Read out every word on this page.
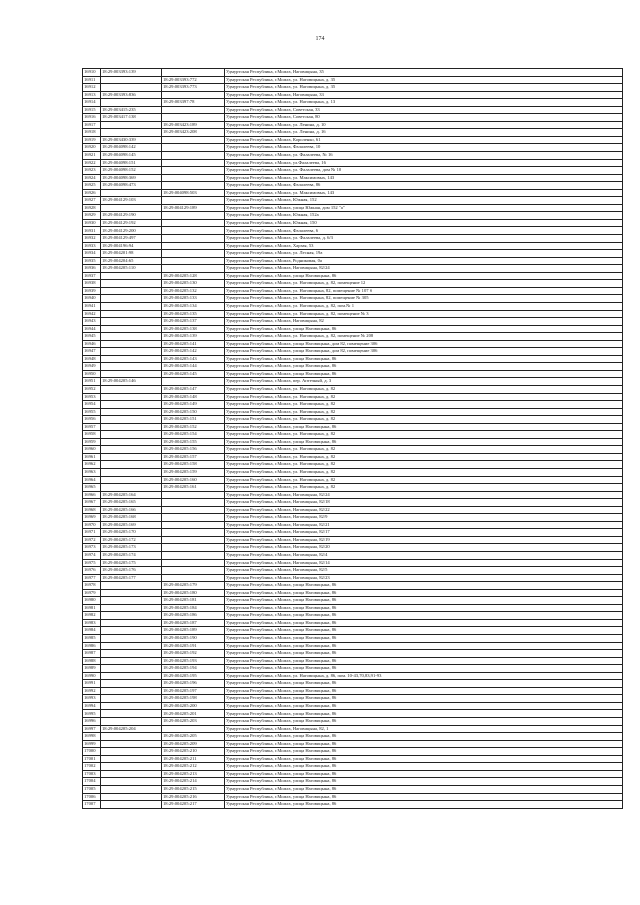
174
16910	18:29:003393:139		Удмуртская Республика, г.Можга, Наговицына, 35
16911		18:29:003393:772	Удмуртская Республика, г.Можга, ул. Наговицына, д. 35
16912		18:29:003393:773	Удмуртская Республика, г.Можга, ул. Наговицына, д. 35
16913	18:29:003393:836		Удмуртская Республика, г.Можга, Наговицына, 33
16914		18:29:003397:78	Удмуртская Республика, г.Можга, ул. Наговицына, д. 13
16915	18:29:003415:235		Удмуртская Республика, г.Можга, Советская, 33
16916	18:29:003417:138		Удмуртская Республика, г.Можга, Советская, 80
16917		18:29:003423:189	Удмуртская Республика, г.Можга, ул. Ленина, д. 10
16918		18:29:003423:208	Удмуртская Республика, г.Можга, ул. Ленина, д. 16
16919	18:29:003430:339		Удмуртская Республика, г.Можга, Короленко, 61
16920	18:29:004098:142		Удмуртская Республика, г.Можга, Фалалеева, 10
16921	18:29:004098:145		Удмуртская Республика, г.Можга, ул. Фалалеева, № 16
16922	18:29:004098:151		Удмуртская Республика, г.Можга, ул.Фалалеева, 16
16923	18:29:004098:152		Удмуртская Республика, г.Можга, ул. Фалалеева, дом № 10
16924	18:29:004098:369		Удмуртская Республика, г.Можга, ул. Максимовых, 143
16925	18:29:004098:473		Удмуртская Республика, г.Можга, Фалалеева, 86
16926		18:29:004098:503	Удмуртская Республика, г.Можга, ул. Максимовых, 143
16927	18:29:004129:103		Удмуртская Республика, г.Можга, Южная, 152
16928		18:29:004129:189	Удмуртская Республика, г.Можга, улица Южная, дом 152 "а"
16929	18:29:004129:190		Удмуртская Республика, г.Можга, Южная, 152а
16930	18:29:004129:192		Удмуртская Республика, г.Можга, Южная, 150
16931	18:29:004129:200		Удмуртская Республика, г.Можга, Фалалеева, 6
16932	18:29:004129:497		Удмуртская Республика, г.Можга, ул. Фалалеева, д. 6/3
16933	18:29:004196:94		Удмуртская Республика, г.Можга, Харзая, 53
16934	18:29:004201:98		Удмуртская Республика, г.Можга, ул. Лесная, 19а
16935	18:29:004204:65		Удмуртская Республика, г.Можга, Родниковая, 0а
16936	18:29:004205:110		Удмуртская Республика, г.Можга, Наговицына, 82/24
16937		18:29:004205:128	Удмуртская Республика, г.Можга, улица Наговицына, 86
16938		18:29:004205:130	Удмуртская Республика, г.Можга, ул. Наговицына, д. 82, помещение 12
16939		18:29:004205:132	Удмуртская Республика, г.Можга, ул. Наговицына, 82, помещение № 107 б
16940		18:29:004205:133	Удмуртская Республика, г.Можга, ул. Наговицына, 82, помещение № 305
16941		18:29:004205:134	Удмуртская Республика, г.Можга, ул. Наговицына, д. 82, пом.№ 1
16942		18:29:004205:135	Удмуртская Республика, г.Можга, ул. Наговицына, д. 82, помещение № 3
16943		18:29:004205:137	Удмуртская Республика, г.Можга, Наговицына, 82
16944		18:29:004205:138	Удмуртская Республика, г.Можга, улица Наговицына, 86
16945		18:29:004205:139	Удмуртская Республика, г.Можга, ул. Наговицына, д. 82, помещение № 208
16946		18:29:004205:141	Удмуртская Республика, г.Можга, улица Наговицына, дом 82, помещение 306
16947		18:29:004205:142	Удмуртская Республика, г.Можга, улица Наговицына, дом 82, помещение 306
16948		18:29:004205:143	Удмуртская Республика, г.Можга, улица Наговицына, 86
16949		18:29:004205:144	Удмуртская Республика, г.Можга, улица Наговицына, 86
16950		18:29:004205:145	Удмуртская Республика, г.Можга, улица Наговицына, 86
16951	18:29:004205:146		Удмуртская Республика, г.Можга, пер. Аптечный, д. 3
16952		18:29:004205:147	Удмуртская Республика, г.Можга, ул. Наговицына, д. 82
16953		18:29:004205:148	Удмуртская Республика, г.Можга, ул. Наговицына, д. 82
16954		18:29:004205:149	Удмуртская Республика, г.Можга, ул. Наговицына, д. 82
16955		18:29:004205:150	Удмуртская Республика, г.Можга, ул. Наговицына, д. 82
16956		18:29:004205:151	Удмуртская Республика, г.Можга, ул. Наговицына, д. 82
16957		18:29:004205:152	Удмуртская Республика, г.Можга, улица Наговицына, 86
16958		18:29:004205:154	Удмуртская Республика, г.Можга, ул. Наговицына, д. 82
16959		18:29:004205:155	Удмуртская Республика, г.Можга, улица Наговицына, 86
16960		18:29:004205:156	Удмуртская Республика, г.Можга, ул. Наговицына, д. 82
16961		18:29:004205:157	Удмуртская Республика, г.Можга, ул. Наговицына, д. 82
16962		18:29:004205:158	Удмуртская Республика, г.Можга, ул. Наговицына, д. 82
16963		18:29:004205:159	Удмуртская Республика, г.Можга, ул. Наговицына, д. 82
16964		18:29:004205:160	Удмуртская Республика, г.Можга, ул. Наговицына, д. 82
16965		18:29:004205:161	Удмуртская Республика, г.Можга, ул. Наговицына, д. 82
16966	18:29:004205:164		Удмуртская Республика, г.Можга, Наговицына, 82/24
16967	18:29:004205:165		Удмуртская Республика, г.Можга, Наговицына, 82/18
16968	18:29:004205:166		Удмуртская Республика, г.Можга, Наговицына, 82/22
16969	18:29:004205:168		Удмуртская Республика, г.Можга, Наговицына, 82/9
16970	18:29:004205:169		Удмуртская Республика, г.Можга, Наговицына, 82/21
16971	18:29:004205:170		Удмуртская Республика, г.Можга, Наговицына, 82/17
16972	18:29:004205:172		Удмуртская Республика, г.Можга, Наговицына, 82/19
16973	18:29:004205:173		Удмуртская Республика, г.Можга, Наговицына, 82/20
16974	18:29:004205:174		Удмуртская Республика, г.Можга, Наговицына, 82/4
16975	18:29:004205:175		Удмуртская Республика, г.Можга, Наговицына, 82/14
16976	18:29:004205:176		Удмуртская Республика, г.Можга, Наговицына, 82/5
16977	18:29:004205:177		Удмуртская Республика, г.Можга, Наговицына, 82/23
16978		18:29:004205:179	Удмуртская Республика, г.Можга, улица Наговицына, 86
16979		18:29:004205:180	Удмуртская Республика, г.Можга, улица Наговицына, 86
16980		18:29:004205:181	Удмуртская Республика, г.Можга, улица Наговицына, 86
16981		18:29:004205:184	Удмуртская Республика, г.Можга, улица Наговицына, 86
16982		18:29:004205:186	Удмуртская Республика, г.Можга, улица Наговицына, 86
16983		18:29:004205:187	Удмуртская Республика, г.Можга, улица Наговицына, 86
16984		18:29:004205:189	Удмуртская Республика, г.Можга, улица Наговицына, 86
16985		18:29:004205:190	Удмуртская Республика, г.Можга, улица Наговицына, 86
16986		18:29:004205:191	Удмуртская Республика, г.Можга, улица Наговицына, 86
16987		18:29:004205:192	Удмуртская Республика, г.Можга, улица Наговицына, 86
16988		18:29:004205:193	Удмуртская Республика, г.Можга, улица Наговицына, 86
16989		18:29:004205:194	Удмуртская Республика, г.Можга, улица Наговицына, 86
16990		18:29:004205:195	Удмуртская Республика, г.Можга, ул. Наговицына, д. 86, пом. 10-43,70,83,91-93
16991		18:29:004205:196	Удмуртская Республика, г.Можга, улица Наговицына, 86
16992		18:29:004205:197	Удмуртская Республика, г.Можга, улица Наговицына, 86
16993		18:29:004205:198	Удмуртская Республика, г.Можга, улица Наговицына, 86
16994		18:29:004205:200	Удмуртская Республика, г.Можга, улица Наговицына, 86
16995		18:29:004205:201	Удмуртская Республика, г.Можга, улица Наговицына, 86
16996		18:29:004205:203	Удмуртская Республика, г.Можга, улица Наговицына, 86
16997	18:29:004205:204		Удмуртская Республика, г.Можга, Наговицына, 82, 1
16998		18:29:004205:205	Удмуртская Республика, г.Можга, улица Наговицына, 86
16999		18:29:004205:209	Удмуртская Республика, г.Можга, улица Наговицына, 86
17000		18:29:004205:210	Удмуртская Республика, г.Можга, улица Наговицына, 86
17001		18:29:004205:211	Удмуртская Республика, г.Можга, улица Наговицына, 86
17002		18:29:004205:212	Удмуртская Республика, г.Можга, улица Наговицына, 86
17003		18:29:004205:213	Удмуртская Республика, г.Можга, улица Наговицына, 86
17004		18:29:004205:214	Удмуртская Республика, г.Можга, улица Наговицына, 86
17005		18:29:004205:215	Удмуртская Республика, г.Можга, улица Наговицына, 86
17006		18:29:004205:216	Удмуртская Республика, г.Можга, улица Наговицына, 86
17007		18:29:004205:217	Удмуртская Республика, г.Можга, улица Наговицына, 86
